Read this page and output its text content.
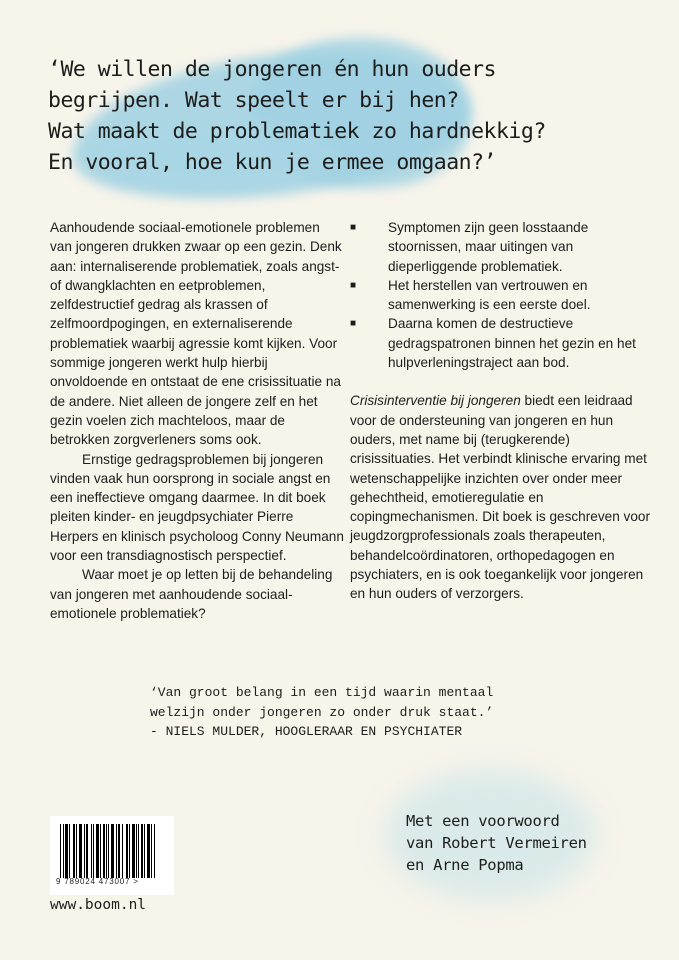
‘We willen de jongeren én hun ouders
begrijpen. Wat speelt er bij hen?
Wat maakt de problematiek zo hardnekkig?
En vooral, hoe kun je ermee omgaan?’

Aanhoudende sociaal-emotionele problemen van jongeren drukken zwaar op een gezin. Denk aan: internaliserende problematiek, zoals angst- of dwangklachten en eetproblemen, zelfdestructief gedrag als krassen of zelfmoordpogingen, en externaliserende problematiek waarbij agressie komt kijken. Voor sommige jongeren werkt hulp hierbij onvoldoende en ontstaat de ene crisissituatie na de andere. Niet alleen de jongere zelf en het gezin voelen zich machteloos, maar de betrokken zorgverleners soms ook.

Ernstige gedragsproblemen bij jongeren vinden vaak hun oorsprong in sociale angst en een ineffectieve omgang daarmee. In dit boek pleiten kinder- en jeugdpsychiater Pierre Herpers en klinisch psycholoog Conny Neumann voor een transdiagnostisch perspectief.

Waar moet je op letten bij de behandeling van jongeren met aanhoudende sociaal-emotionele problematiek?

■ Symptomen zijn geen losstaande stoornissen, maar uitingen van dieperliggende problematiek.
■ Het herstellen van vertrouwen en samenwerking is een eerste doel.
■ Daarna komen de destructieve gedragspatronen binnen het gezin en het hulpverleningstraject aan bod.

Crisisinterventie bij jongeren biedt een leidraad voor de ondersteuning van jongeren en hun ouders, met name bij (terugkerende) crisissituaties. Het verbindt klinische ervaring met wetenschappelijke inzichten over onder meer gehechtheid, emotieregulatie en copingmechanismen. Dit boek is geschreven voor jeugdzorgprofessionals zoals therapeuten, behandelcoördinatoren, orthopedagogen en psychiaters, en is ook toegankelijk voor jongeren en hun ouders of verzorgers.

‘Van groot belang in een tijd waarin mentaal
welzijn onder jongeren zo onder druk staat.’
- NIELS MULDER, HOOGLERAAR EN PSYCHIATER
Met een voorwoord
van Robert Vermeiren
en Arne Popma
9 789024 473007 >
www.boom.nl
